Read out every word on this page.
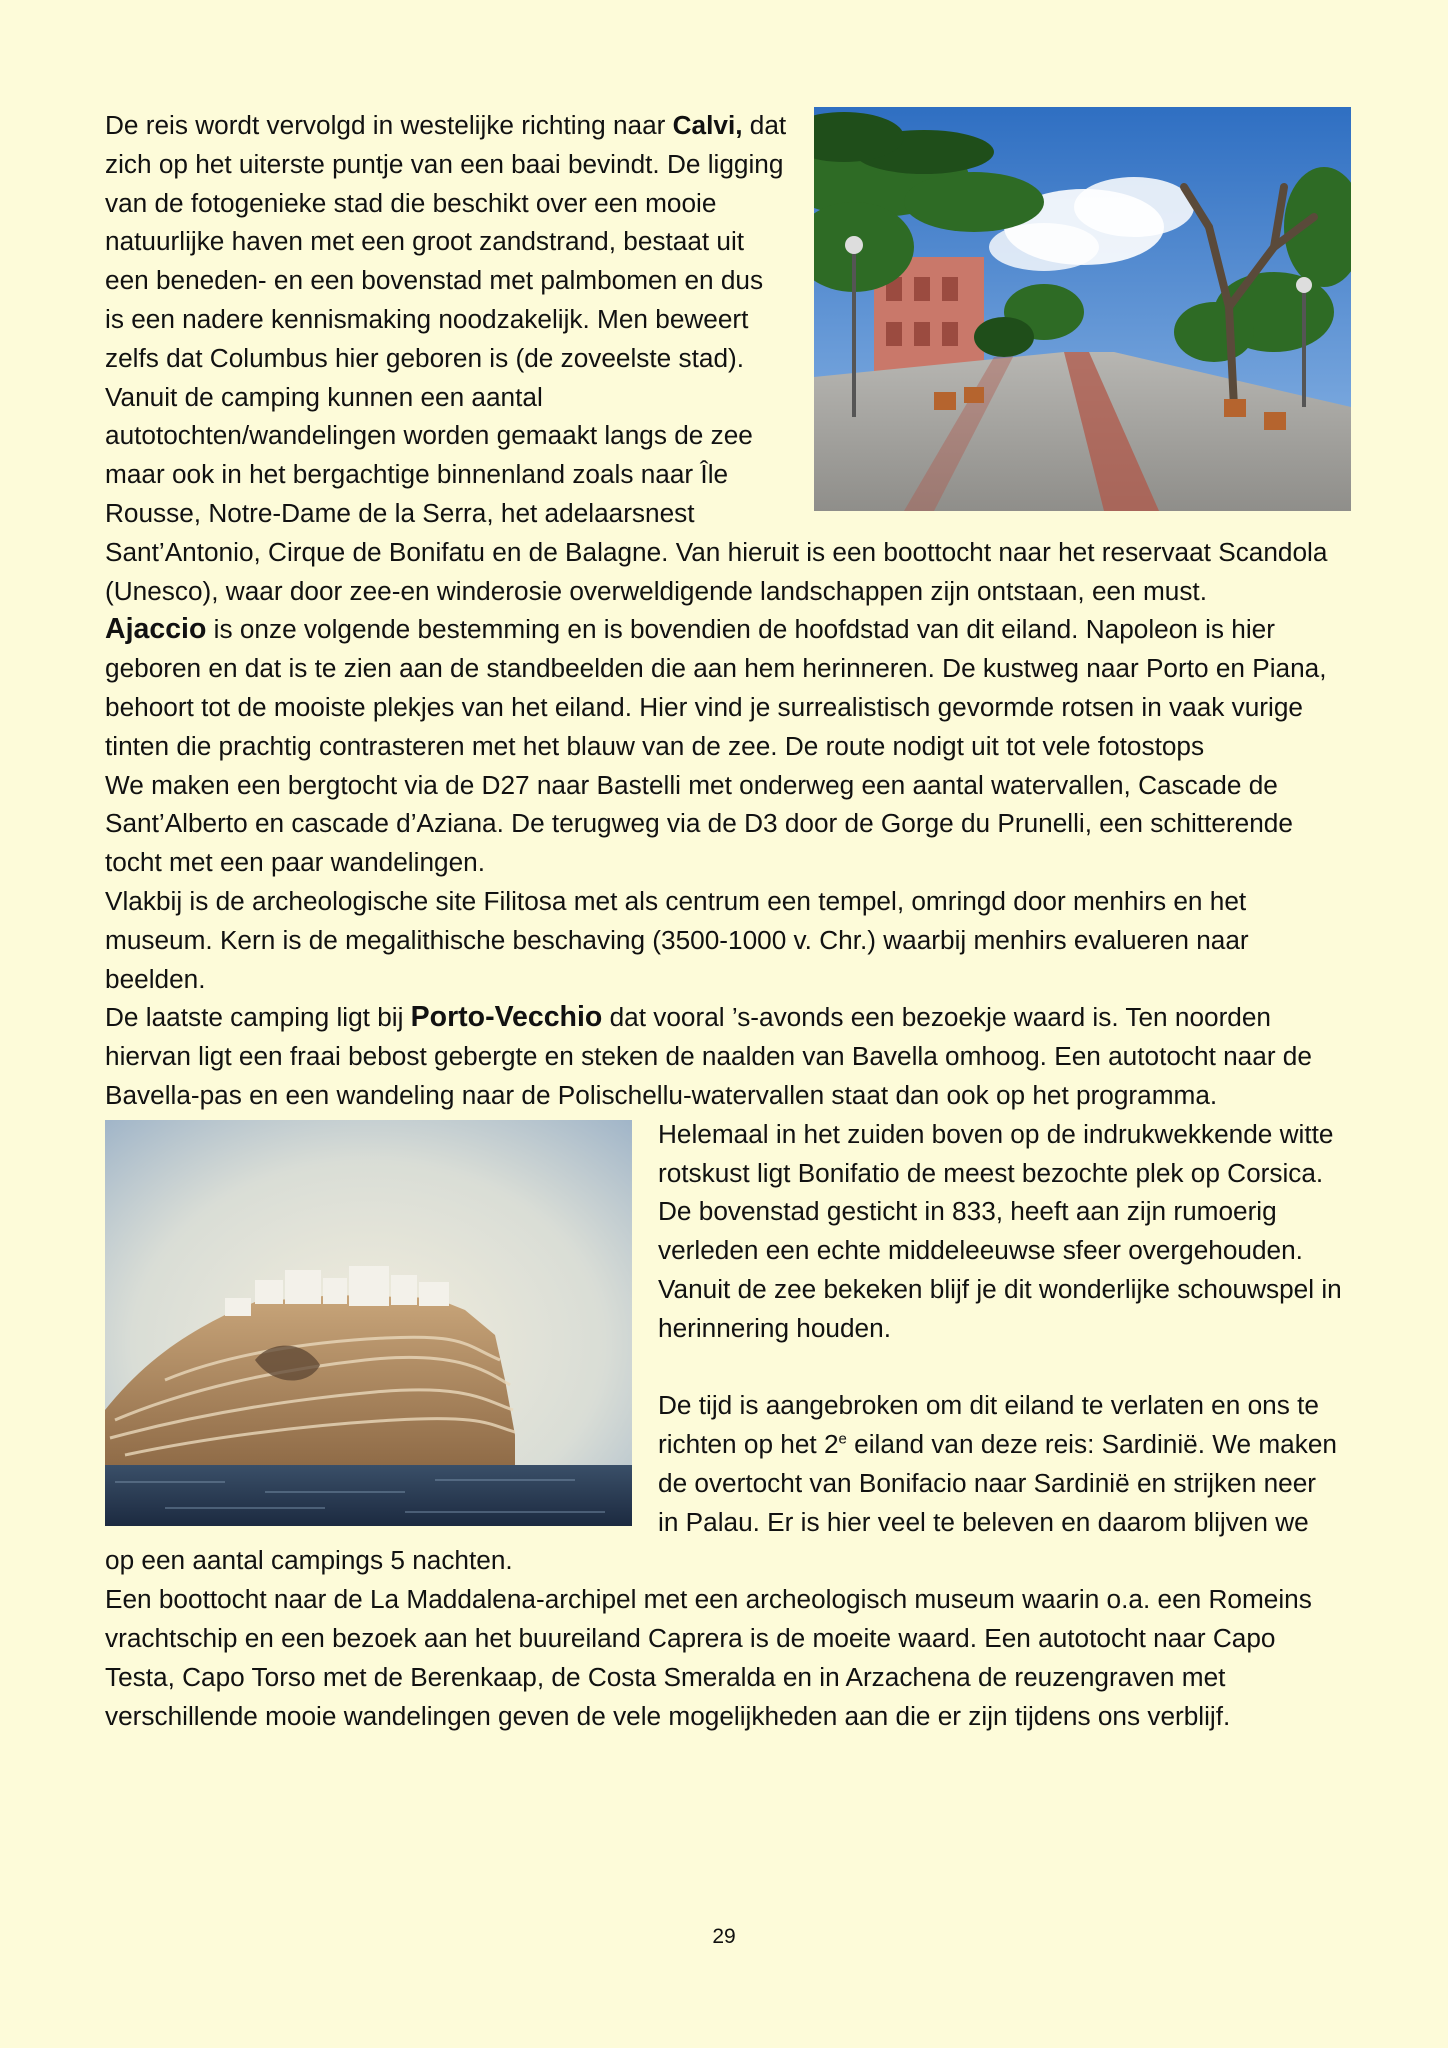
De reis wordt vervolgd in westelijke richting naar Calvi, dat zich op het uiterste puntje van een baai bevindt. De ligging van de fotogenieke stad die beschikt over een mooie natuurlijke haven met een groot zandstrand, bestaat uit een beneden- en een bovenstad met palmbomen en dus is een nadere kennismaking noodzakelijk. Men beweert zelfs dat Columbus hier geboren is (de zoveelste stad). Vanuit de camping kunnen een aantal autotochten/wandelingen worden gemaakt langs de zee maar ook in het bergachtige binnenland zoals naar Île Rousse, Notre-Dame de la Serra, het adelaarsnest Sant’Antonio, Cirque de Bonifatu en de Balagne. Van hieruit is een boottocht naar het reservaat Scandola (Unesco), waar door zee-en winderosie overweldigende landschappen zijn ontstaan, een must.

Ajaccio is onze volgende bestemming en is bovendien de hoofdstad van dit eiland. Napoleon is hier geboren en dat is te zien aan de standbeelden die aan hem herinneren. De kustweg naar Porto en Piana, behoort tot de mooiste plekjes van het eiland. Hier vind je surrealistisch gevormde rotsen in vaak vurige tinten die prachtig contrasteren met het blauw van de zee. De route nodigt uit tot vele fotostops

We maken een bergtocht via de D27 naar Bastelli met onderweg een aantal watervallen, Cascade de Sant’Alberto en cascade d’Aziana. De terugweg via de D3 door de Gorge du Prunelli, een schitterende tocht met een paar wandelingen.

Vlakbij is de archeologische site Filitosa met als centrum een tempel, omringd door menhirs en het museum. Kern is de megalithische beschaving (3500-1000 v. Chr.) waarbij menhirs evalueren naar beelden.

De laatste camping ligt bij Porto-Vecchio dat vooral ’s-avonds een bezoekje waard is. Ten noorden hiervan ligt een fraai bebost gebergte en steken de naalden van Bavella omhoog. Een autotocht naar de Bavella-pas en een wandeling naar de Polischellu-watervallen staat dan ook op het programma.

Helemaal in het zuiden boven op de indrukwekkende witte rotskust ligt Bonifatio de meest bezochte plek op Corsica. De bovenstad gesticht in 833, heeft aan zijn rumoerig verleden een echte middeleeuwse sfeer overgehouden. Vanuit de zee bekeken blijf je dit wonderlijke schouwspel in herinnering houden.

De tijd is aangebroken om dit eiland te verlaten en ons te richten op het 2e eiland van deze reis: Sardinië. We maken de overtocht van Bonifacio naar Sardinië en strijken neer in Palau. Er is hier veel te beleven en daarom blijven we op een aantal campings 5 nachten.

Een boottocht naar de La Maddalena-archipel met een archeologisch museum waarin o.a. een Romeins vrachtschip en een bezoek aan het buureiland Caprera is de moeite waard. Een autotocht naar Capo Testa, Capo Torso met de Berenkaap, de Costa Smeralda en in Arzachena de reuzengraven met verschillende mooie wandelingen geven de vele mogelijkheden aan die er zijn tijdens ons verblijf.

29
